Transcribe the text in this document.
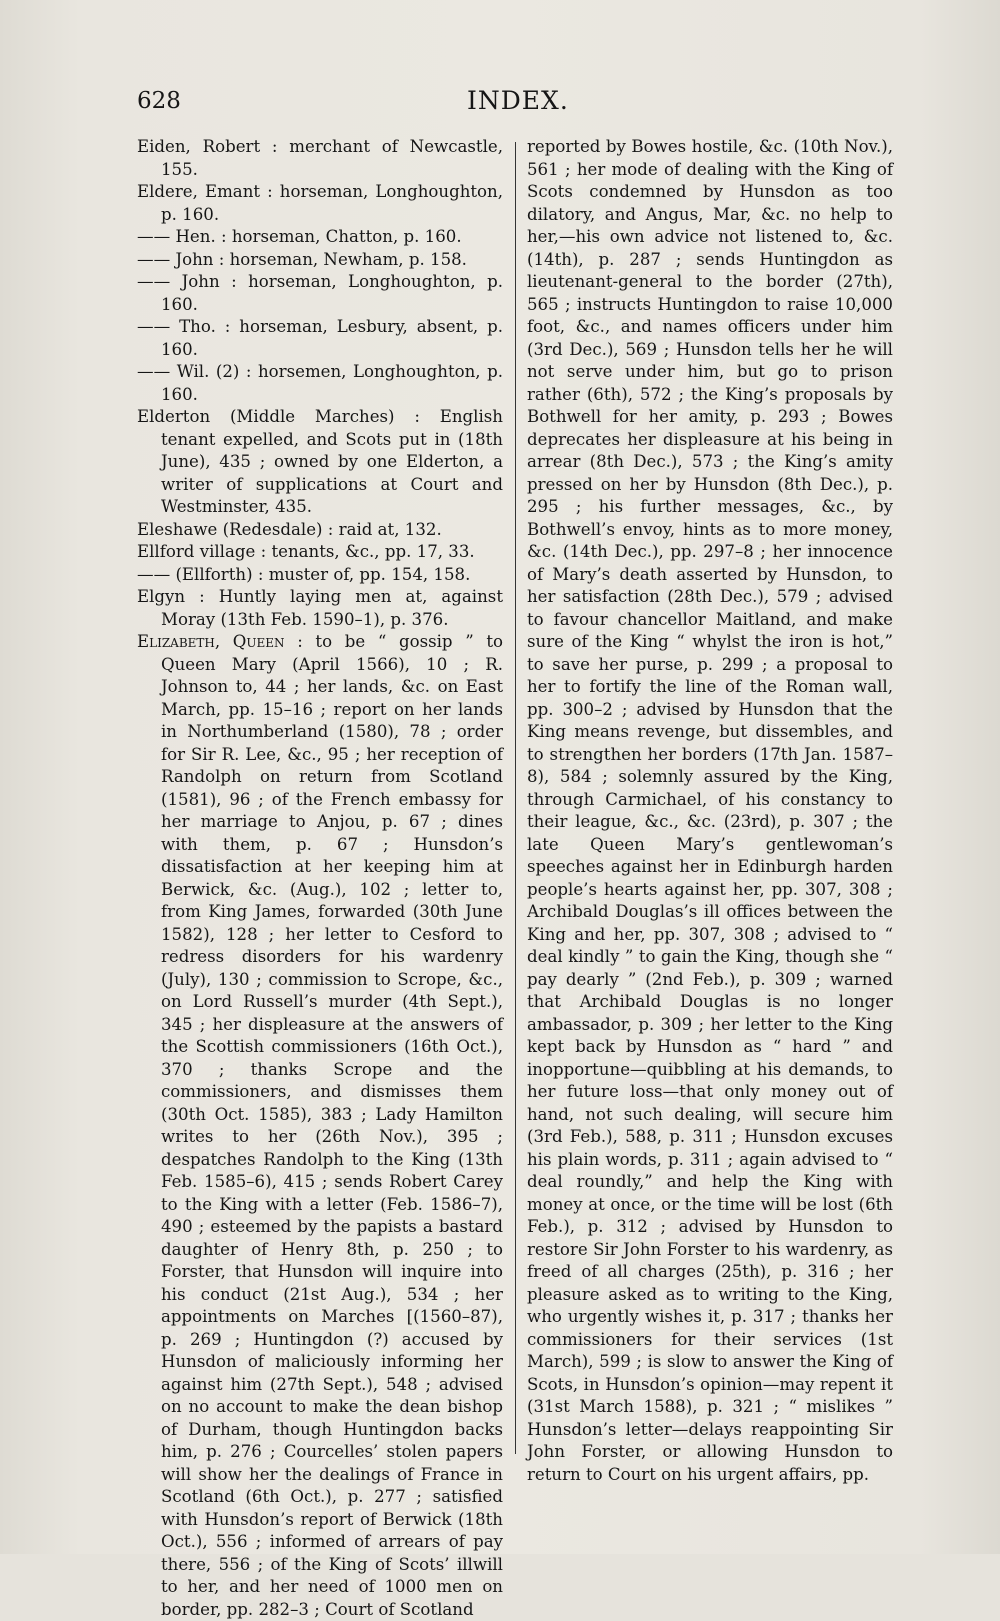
628	INDEX.

Eiden, Robert : merchant of Newcastle, 155.

Eldere, Emant : horseman, Longhoughton, p. 160.

—— Hen. : horseman, Chatton, p. 160.

—— John : horseman, Newham, p. 158.

—— John : horseman, Longhoughton, p. 160.

—— Tho. : horseman, Lesbury, absent, p. 160.

—— Wil. (2) : horsemen, Longhoughton, p. 160.

Elderton (Middle Marches) : English tenant expelled, and Scots put in (18th June), 435 ; owned by one Elderton, a writer of supplications at Court and Westminster, 435.

Eleshawe (Redesdale) : raid at, 132.

Ellford village : tenants, &c., pp. 17, 33.

—— (Ellforth) : muster of, pp. 154, 158.

Elgyn : Huntly laying men at, against Moray (13th Feb. 1590–1), p. 376.

Elizabeth, Queen : to be “ gossip ” to Queen Mary (April 1566), 10 ; R. Johnson to, 44 ; her lands, &c. on East March, pp. 15–16 ; report on her lands in Northumberland (1580), 78 ; order for Sir R. Lee, &c., 95 ; her reception of Randolph on return from Scotland (1581), 96 ; of the French embassy for her marriage to Anjou, p. 67 ; dines with them, p. 67 ; Hunsdon’s dissatisfaction at her keeping him at Berwick, &c. (Aug.), 102 ; letter to, from King James, forwarded (30th June 1582), 128 ; her letter to Cesford to redress disorders for his wardenry (July), 130 ; commission to Scrope, &c., on Lord Russell’s murder (4th Sept.), 345 ; her displeasure at the answers of the Scottish commissioners (16th Oct.), 370 ; thanks Scrope and the commissioners, and dismisses them (30th Oct. 1585), 383 ; Lady Hamilton writes to her (26th Nov.), 395 ; despatches Randolph to the King (13th Feb. 1585–6), 415 ; sends Robert Carey to the King with a letter (Feb. 1586–7), 490 ; esteemed by the papists a bastard daughter of Henry 8th, p. 250 ; to Forster, that Hunsdon will inquire into his conduct (21st Aug.), 534 ; her appointments on Marches [(1560–87), p. 269 ; Huntingdon (?) accused by Hunsdon of maliciously informing her against him (27th Sept.), 548 ; advised on no account to make the dean bishop of Durham, though Huntingdon backs him, p. 276 ; Courcelles’ stolen papers will show her the dealings of France in Scotland (6th Oct.), p. 277 ; satisfied with Hunsdon’s report of Berwick (18th Oct.), 556 ; informed of arrears of pay there, 556 ; of the King of Scots’ illwill to her, and her need of 1000 men on border, pp. 282–3 ; Court of Scotland

reported by Bowes hostile, &c. (10th Nov.), 561 ; her mode of dealing with the King of Scots condemned by Hunsdon as too dilatory, and Angus, Mar, &c. no help to her,—his own advice not listened to, &c. (14th), p. 287 ; sends Huntingdon as lieutenant-general to the border (27th), 565 ; instructs Huntingdon to raise 10,000 foot, &c., and names officers under him (3rd Dec.), 569 ; Hunsdon tells her he will not serve under him, but go to prison rather (6th), 572 ; the King’s proposals by Bothwell for her amity, p. 293 ; Bowes deprecates her displeasure at his being in arrear (8th Dec.), 573 ; the King’s amity pressed on her by Hunsdon (8th Dec.), p. 295 ; his further messages, &c., by Bothwell’s envoy, hints as to more money, &c. (14th Dec.), pp. 297–8 ; her innocence of Mary’s death asserted by Hunsdon, to her satisfaction (28th Dec.), 579 ; advised to favour chancellor Maitland, and make sure of the King “ whylst the iron is hot,” to save her purse, p. 299 ; a proposal to her to fortify the line of the Roman wall, pp. 300–2 ; advised by Hunsdon that the King means revenge, but dissembles, and to strengthen her borders (17th Jan. 1587–8), 584 ; solemnly assured by the King, through Carmichael, of his constancy to their league, &c., &c. (23rd), p. 307 ; the late Queen Mary’s gentlewoman’s speeches against her in Edinburgh harden people’s hearts against her, pp. 307, 308 ; Archibald Douglas’s ill offices between the King and her, pp. 307, 308 ; advised to “ deal kindly ” to gain the King, though she “ pay dearly ” (2nd Feb.), p. 309 ; warned that Archibald Douglas is no longer ambassador, p. 309 ; her letter to the King kept back by Hunsdon as “ hard ” and inopportune—quibbling at his demands, to her future loss—that only money out of hand, not such dealing, will secure him (3rd Feb.), 588, p. 311 ; Hunsdon excuses his plain words, p. 311 ; again advised to “ deal roundly,” and help the King with money at once, or the time will be lost (6th Feb.), p. 312 ; advised by Hunsdon to restore Sir John Forster to his wardenry, as freed of all charges (25th), p. 316 ; her pleasure asked as to writing to the King, who urgently wishes it, p. 317 ; thanks her commissioners for their services (1st March), 599 ; is slow to answer the King of Scots, in Hunsdon’s opinion—may repent it (31st March 1588), p. 321 ; “ mislikes ” Hunsdon’s letter—delays reappointing Sir John Forster, or allowing Hunsdon to return to Court on his urgent affairs, pp.
